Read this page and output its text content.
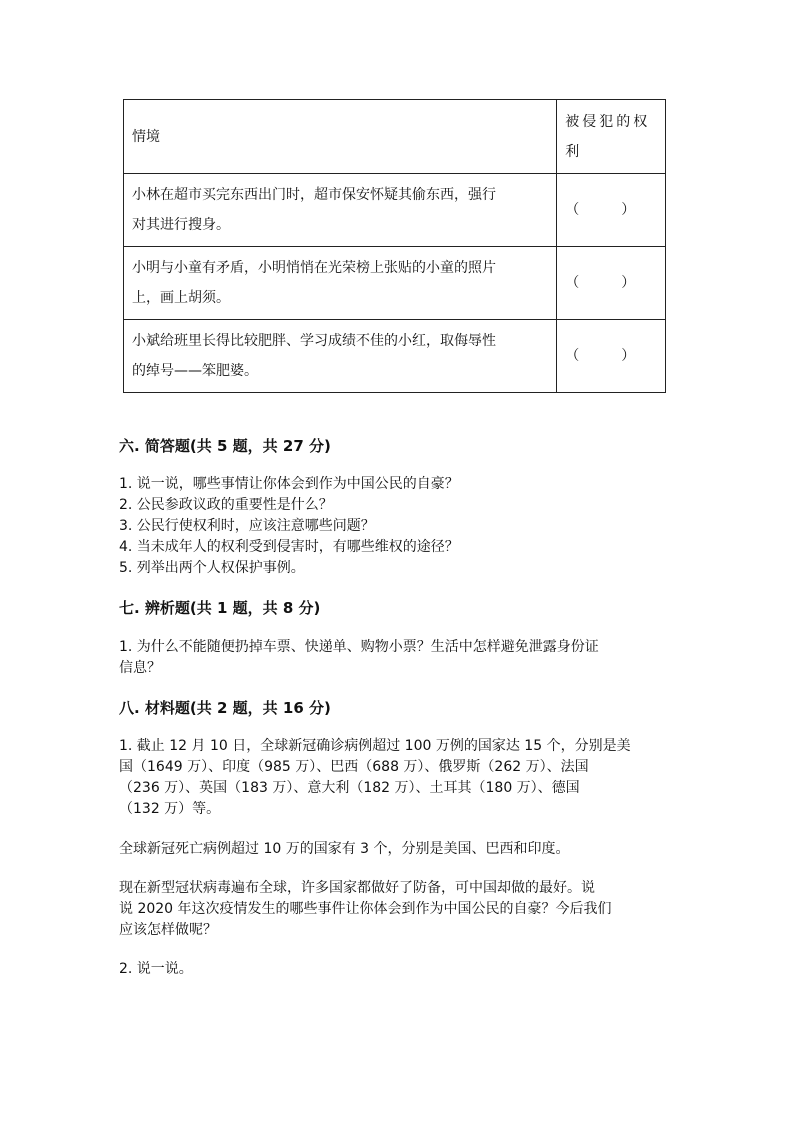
情境	被侵犯的权
利
小林在超市买完东西出门时，超市保安怀疑其偷东西，强行
对其进行搜身。	（　　　）

小明与小童有矛盾，小明悄悄在光荣榜上张贴的小童的照片
上，画上胡须。	（　　　）

小斌给班里长得比较肥胖、学习成绩不佳的小红，取侮辱性
的绰号——笨肥婆。	（　　　）
六. 简答题(共 5 题，共 27 分)
1. 说一说，哪些事情让你体会到作为中国公民的自豪？
2. 公民参政议政的重要性是什么？
3. 公民行使权利时，应该注意哪些问题？
4. 当未成年人的权利受到侵害时，有哪些维权的途径？
5. 列举出两个人权保护事例。
七. 辨析题(共 1 题，共 8 分)
1. 为什么不能随便扔掉车票、快递单、购物小票？生活中怎样避免泄露身份证
信息？
八. 材料题(共 2 题，共 16 分)
1. 截止 12 月 10 日，全球新冠确诊病例超过 100 万例的国家达 15 个，分别是美
国（1649 万）、印度（985 万）、巴西（688 万）、俄罗斯（262 万）、法国
（236 万）、英国（183 万）、意大利（182 万）、土耳其（180 万）、德国
（132 万）等。
全球新冠死亡病例超过 10 万的国家有 3 个，分别是美国、巴西和印度。
现在新型冠状病毒遍布全球，许多国家都做好了防备，可中国却做的最好。说
说 2020 年这次疫情发生的哪些事件让你体会到作为中国公民的自豪？今后我们
应该怎样做呢？
2. 说一说。
